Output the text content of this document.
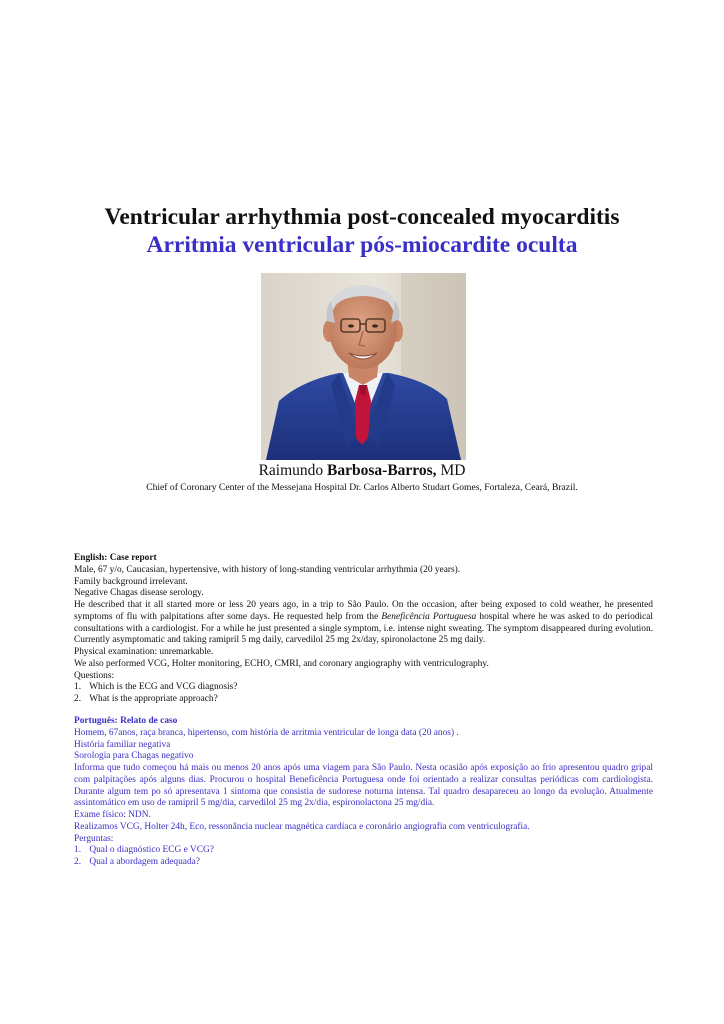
Ventricular arrhythmia post-concealed myocarditis
Arritmia ventricular pós-miocardite oculta
Raimundo Barbosa-Barros, MD
Chief of Coronary Center of the Messejana Hospital Dr. Carlos Alberto Studart Gomes, Fortaleza, Ceará, Brazil.

English: Case report

Male, 67 y/o, Caucasian, hypertensive, with history of long-standing ventricular arrhythmia (20 years).

Family background irrelevant.

Negative Chagas disease serology.

He described that it all started more or less 20 years ago, in a trip to São Paulo. On the occasion, after being exposed to cold weather, he presented symptoms of flu with palpitations after some days. He requested help from the Beneficência Portuguesa hospital where he was asked to do periodical consultations with a cardiologist. For a while he just presented a single symptom, i.e. intense night sweating. The symptom disappeared during evolution. Currently asymptomatic and taking ramipril 5 mg daily, carvedilol 25 mg 2x/day, spironolactone 25 mg daily.

Physical examination: unremarkable.

We also performed VCG, Holter monitoring, ECHO, CMRI, and coronary angiography with ventriculography.

Questions:

1. Which is the ECG and VCG diagnosis?

2. What is the appropriate approach?

Português: Relato de caso

Homem, 67anos, raça branca, hipertenso, com história de arritmia ventricular de longa data (20 anos) .

História familiar negativa

Sorologia para Chagas negativo

Informa que tudo começou há mais ou menos 20 anos após uma viagem para São Paulo. Nesta ocasião após exposição ao frio apresentou quadro gripal com palpitações após alguns dias. Procurou o hospital Beneficência Portuguesa onde foi orientado a realizar consultas periódicas com cardiologista. Durante algum tem po só apresentava 1 sintoma que consistia de sudorese noturna intensa. Tal quadro desapareceu ao longo da evolução. Atualmente assintomático em uso de ramipril 5 mg/dia, carvedilol 25 mg 2x/dia, espironolactona 25 mg/dia.

Exame físico: NDN.

Realizamos VCG, Holter 24h, Eco, ressonância nuclear magnética cardíaca e coronário angiografia com ventriculografia.

Perguntas:

1. Qual o diagnóstico ECG e VCG?

2. Qual a abordagem adequada?
